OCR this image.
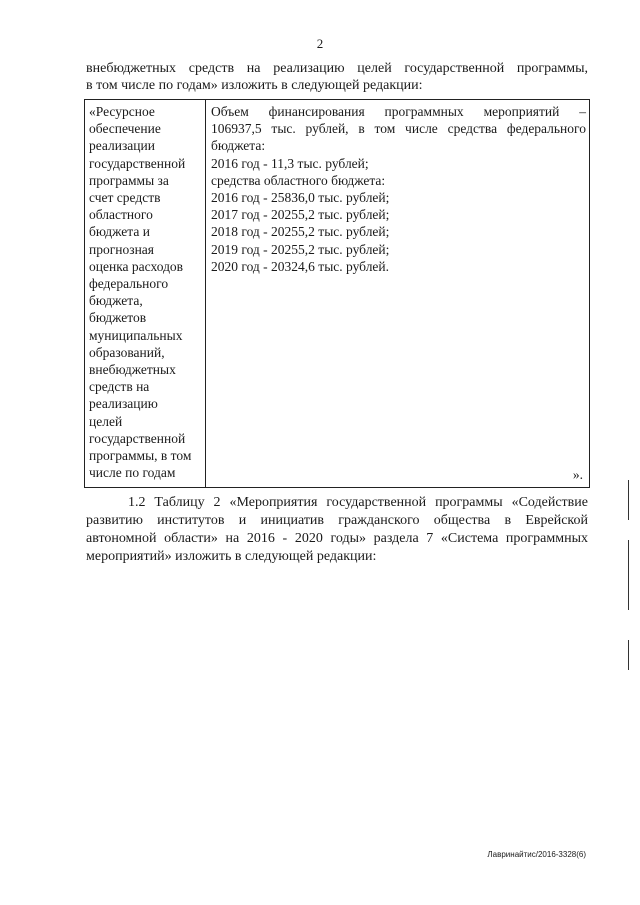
2
внебюджетных средств на реализацию целей государственной программы,
в том числе по годам» изложить в следующей редакции:
«Ресурсное
обеспечение
реализации
государственной
программы за
счет средств
областного
бюджета и
прогнозная
оценка расходов
федерального
бюджета,
бюджетов
муниципальных
образований,
внебюджетных
средств на
реализацию
целей
государственной
программы, в том
числе по годам
Объем финансирования программных мероприятий –
106937,5 тыс. рублей, в том числе средства федерального
бюджета:
2016 год - 11,3 тыс. рублей;
средства областного бюджета:
2016 год - 25836,0 тыс. рублей;
2017 год - 20255,2 тыс. рублей;
2018 год - 20255,2 тыс. рублей;
2019 год - 20255,2 тыс. рублей;
2020 год - 20324,6 тыс. рублей.
».
1.2 Таблицу 2 «Мероприятия государственной программы «Содействие
развитию институтов и инициатив гражданского общества в Еврейской
автономной области» на 2016 - 2020 годы» раздела 7 «Система программных
мероприятий» изложить в следующей редакции:
Лавринайтис/2016-3328(6)
